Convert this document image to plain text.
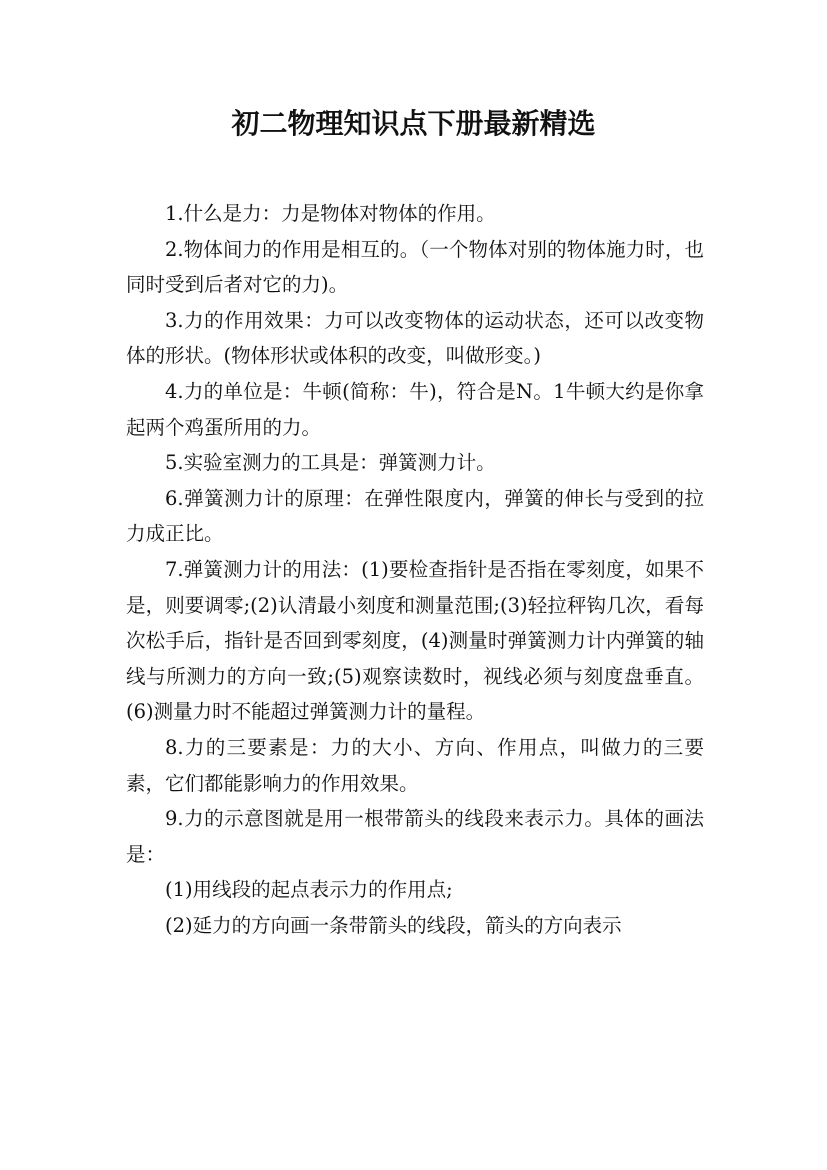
初二物理知识点下册最新精选

1.什么是力：力是物体对物体的作用。

2.物体间力的作用是相互的。（一个物体对别的物体施力时，也同时受到后者对它的力)。

3.力的作用效果：力可以改变物体的运动状态，还可以改变物体的形状。(物体形状或体积的改变，叫做形变。)

4.力的单位是：牛顿(简称：牛)，符合是N。1牛顿大约是你拿起两个鸡蛋所用的力。

5.实验室测力的工具是：弹簧测力计。

6.弹簧测力计的原理：在弹性限度内，弹簧的伸长与受到的拉力成正比。

7.弹簧测力计的用法：(1)要检查指针是否指在零刻度，如果不是，则要调零;(2)认清最小刻度和测量范围;(3)轻拉秤钩几次，看每次松手后，指针是否回到零刻度，(4)测量时弹簧测力计内弹簧的轴线与所测力的方向一致;(5)观察读数时，视线必须与刻度盘垂直。(6)测量力时不能超过弹簧测力计的量程。

8.力的三要素是：力的大小、方向、作用点，叫做力的三要素，它们都能影响力的作用效果。

9.力的示意图就是用一根带箭头的线段来表示力。具体的画法是：

(1)用线段的起点表示力的作用点;

(2)延力的方向画一条带箭头的线段，箭头的方向表示
